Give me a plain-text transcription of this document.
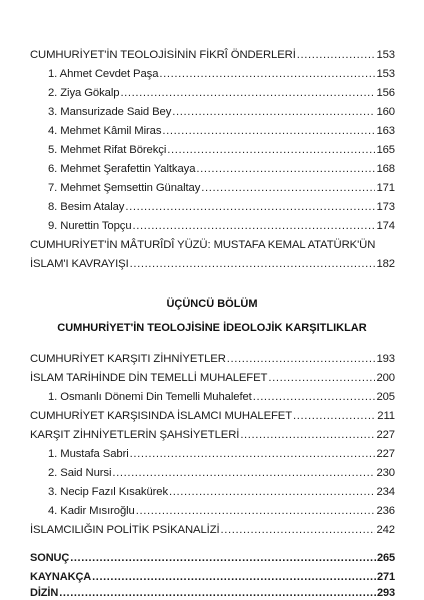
CUMHURİYET'İN TEOLOJİSİNİN FİKRÎ ÖNDERLERİ .....	153
1. Ahmet Cevdet Paşa .....	153
2. Ziya Gökalp .....	156
3. Mansurizade Said Bey .....	160
4. Mehmet Kâmil Miras .....	163
5. Mehmet Rifat Börekçi .....	165
6. Mehmet Şerafettin Yaltkaya .....	168
7. Mehmet Şemsettin Günaltay .....	171
8. Besim Atalay .....	173
9. Nurettin Topçu .....	174
CUMHURİYET'İN MÂTURÎDÎ YÜZÜ: MUSTAFA KEMAL ATATÜRK'ÜN
İSLAM'I KAVRAYIŞI .....	182
ÜÇÜNCÜ BÖLÜM
CUMHURİYET'İN TEOLOJİSİNE İDEOLOJİK KARŞITLIKLAR
CUMHURİYET KARŞITI ZİHNİYETLER .....	193
İSLAM TARİHİNDE DİN TEMELLİ MUHALEFET .....	200
1. Osmanlı Dönemi Din Temelli Muhalefet .....	205
CUMHURİYET KARŞISINDA İSLAMCI MUHALEFET .....	211
KARŞIT ZİHNİYETLERİN ŞAHSİYETLERİ .....	227
1. Mustafa Sabri .....	227
2. Said Nursi .....	230
3. Necip Fazıl Kısakürek .....	234
4. Kadir Mısıroğlu .....	236
İSLAMCILIĞIN POLİTİK PSİKANALİZİ .....	242
SONUÇ .....	265
KAYNAKÇA .....	271
DİZİN .....	293
